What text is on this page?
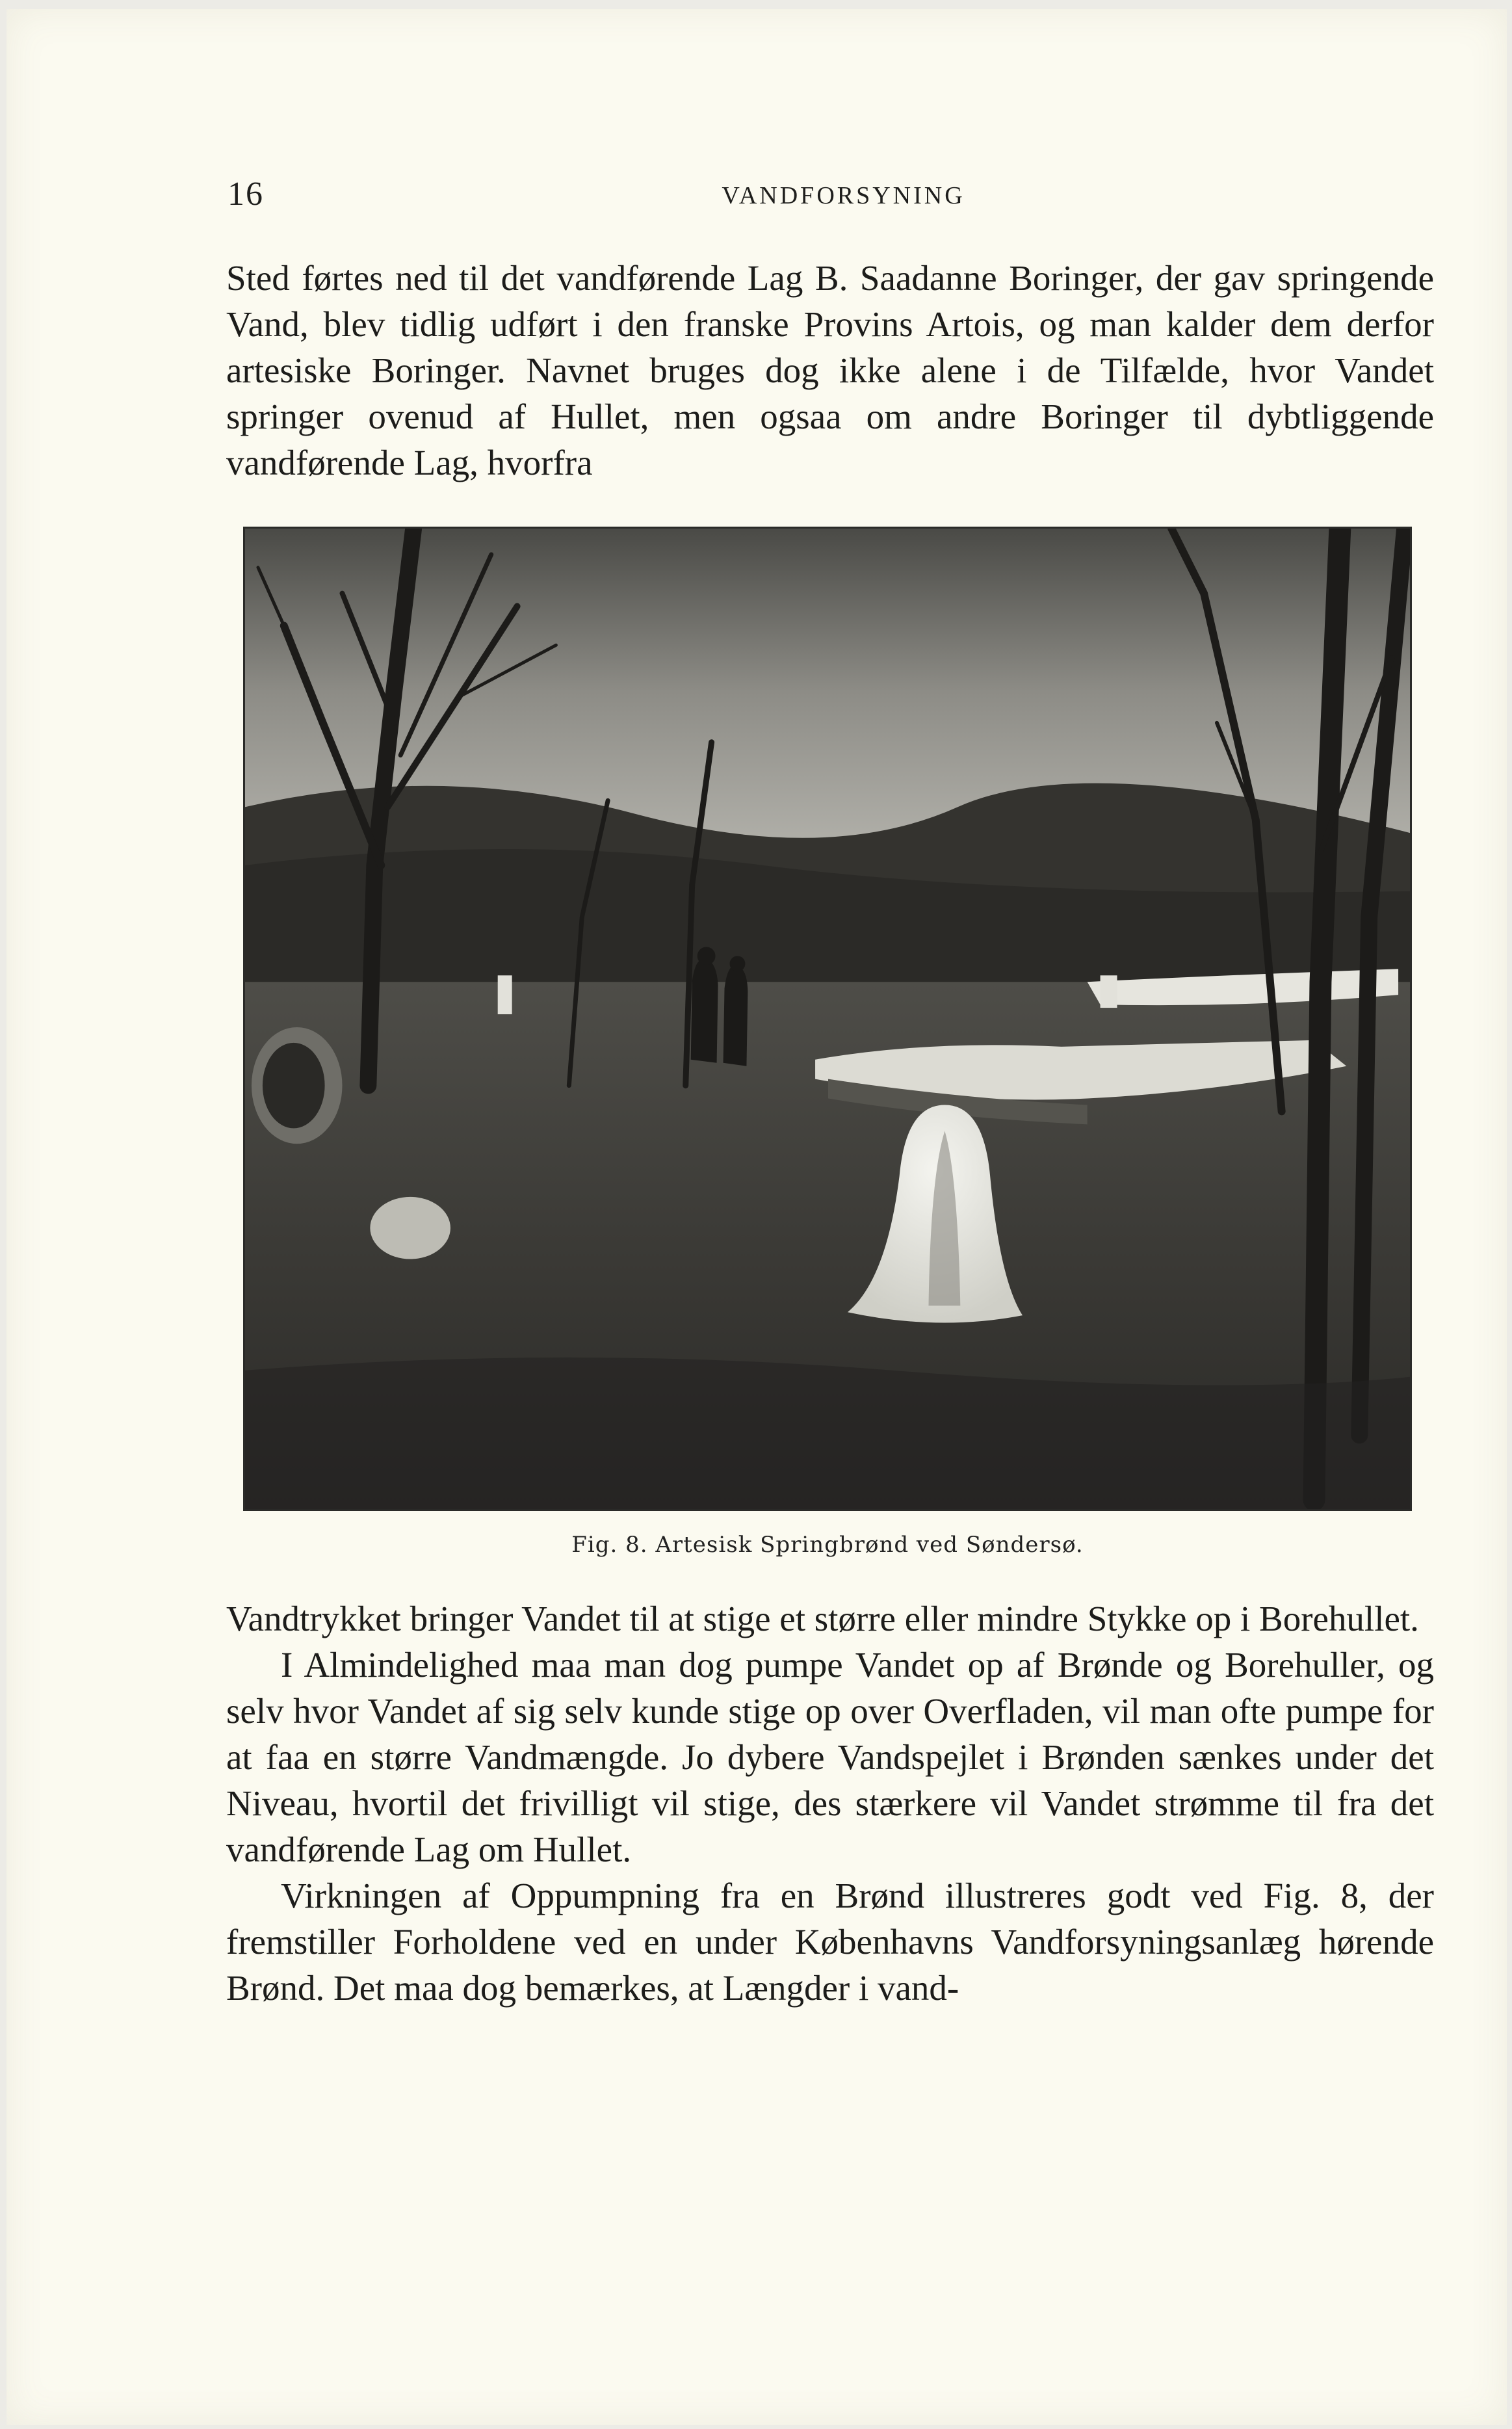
16	VANDFORSYNING

Sted førtes ned til det vandførende Lag B. Saadanne Boringer, der gav springende Vand, blev tidlig udført i den franske Provins Artois, og man kalder dem derfor artesiske Boringer. Navnet bruges dog ikke alene i de Tilfælde, hvor Vandet springer ovenud af Hullet, men ogsaa om andre Boringer til dybtliggende vandførende Lag, hvorfra

Fig. 8. Artesisk Springbrønd ved Søndersø.

Vandtrykket bringer Vandet til at stige et større eller mindre Stykke op i Borehullet.

I Almindelighed maa man dog pumpe Vandet op af Brønde og Borehuller, og selv hvor Vandet af sig selv kunde stige op over Overfladen, vil man ofte pumpe for at faa en større Vandmængde. Jo dybere Vandspejlet i Brønden sænkes under det Niveau, hvortil det frivilligt vil stige, des stærkere vil Vandet strømme til fra det vandførende Lag om Hullet.

Virkningen af Oppumpning fra en Brønd illustreres godt ved Fig. 8, der fremstiller Forholdene ved en under Københavns Vandforsyningsanlæg hørende Brønd. Det maa dog bemærkes, at Længder i vand-
